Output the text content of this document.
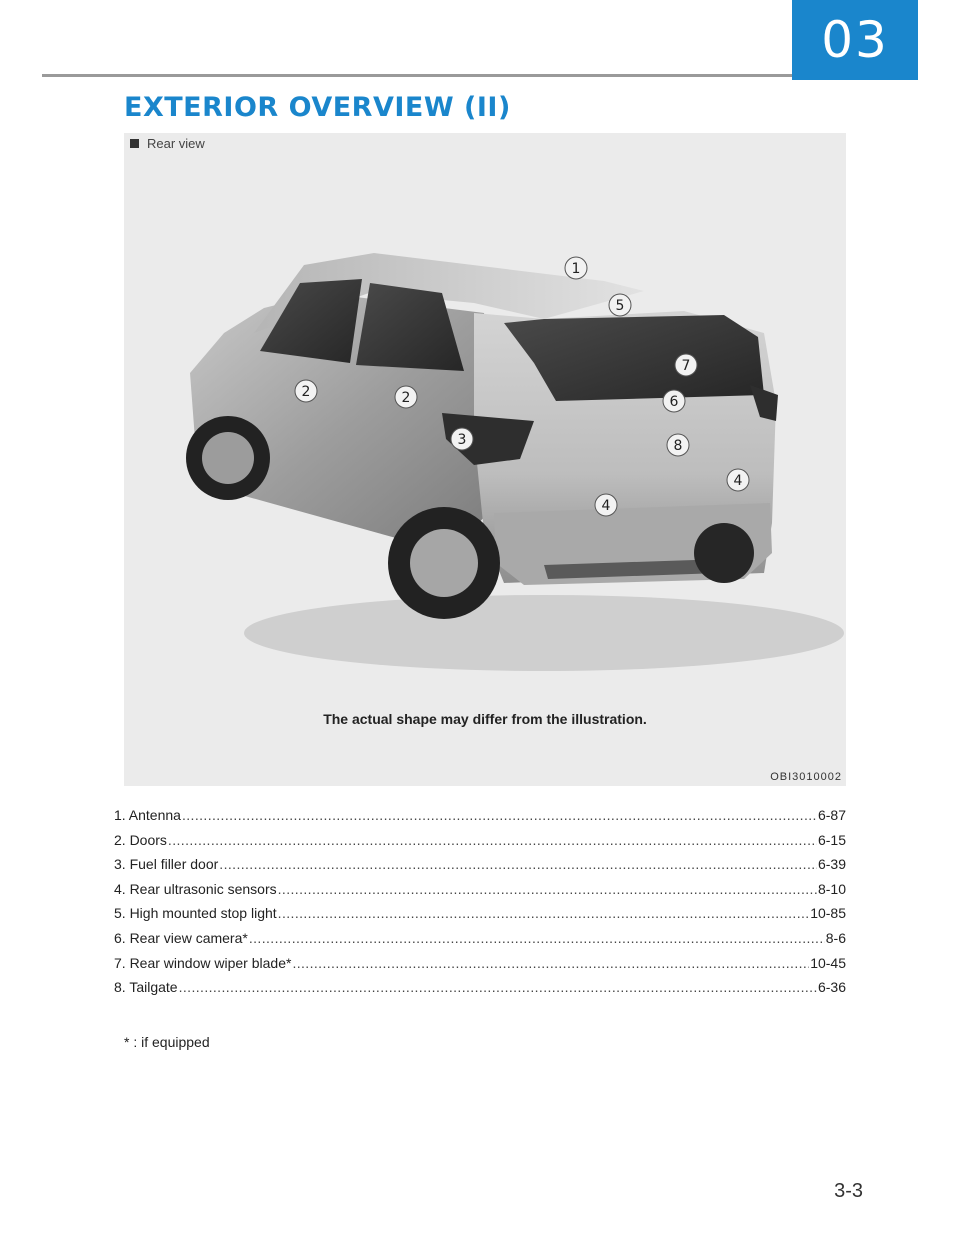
03
EXTERIOR OVERVIEW (II)
Rear view
1
2	2
3
4
4
5
6
7
8
The actual shape may differ from the illustration.
OBI3010002
1. Antenna .....	6-87
2. Doors .....	6-15
3. Fuel filler door .....	6-39
4. Rear ultrasonic sensors .....	8-10
5. High mounted stop light .....	10-85
6. Rear view camera* .....	8-6
7. Rear window wiper blade* .....	10-45
8. Tailgate .....	6-36
* : if equipped
3-3
